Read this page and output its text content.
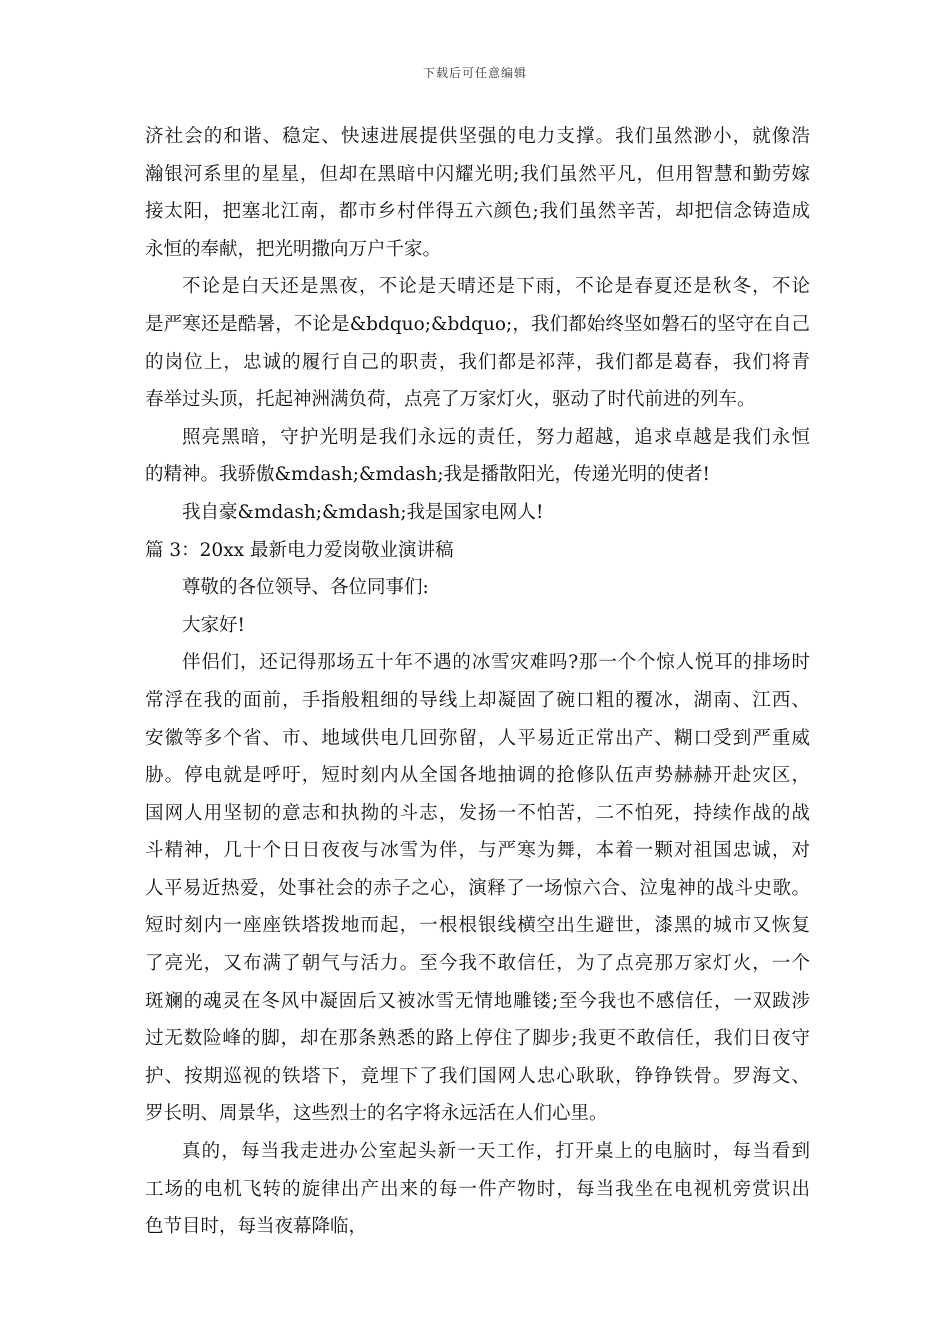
下载后可任意编辑
济社会的和谐、稳定、快速进展提供坚强的电力支撑。我们虽然渺小，就像浩
瀚银河系里的星星，但却在黑暗中闪耀光明;我们虽然平凡，但用智慧和勤劳嫁
接太阳，把塞北江南，都市乡村伴得五六颜色;我们虽然辛苦，却把信念铸造成
永恒的奉献，把光明撒向万户千家。
不论是白天还是黑夜，不论是天晴还是下雨，不论是春夏还是秋冬，不论
是严寒还是酷暑，不论是&bdquo;&bdquo;，我们都始终坚如磐石的坚守在自己
的岗位上，忠诚的履行自己的职责，我们都是祁萍，我们都是葛春，我们将青
春举过头顶，托起神洲满负荷，点亮了万家灯火，驱动了时代前进的列车。
照亮黑暗，守护光明是我们永远的责任，努力超越，追求卓越是我们永恒
的精神。我骄傲&mdash;&mdash;我是播散阳光，传递光明的使者!
我自豪&mdash;&mdash;我是国家电网人!
篇 3：20xx 最新电力爱岗敬业演讲稿
尊敬的各位领导、各位同事们:
大家好!
伴侣们，还记得那场五十年不遇的冰雪灾难吗?那一个个惊人悦耳的排场时
常浮在我的面前，手指般粗细的导线上却凝固了碗口粗的覆冰，湖南、江西、
安徽等多个省、市、地域供电几回弥留，人平易近正常出产、糊口受到严重威
胁。停电就是呼吁，短时刻内从全国各地抽调的抢修队伍声势赫赫开赴灾区，
国网人用坚韧的意志和执拗的斗志，发扬一不怕苦，二不怕死，持续作战的战
斗精神，几十个日日夜夜与冰雪为伴，与严寒为舞，本着一颗对祖国忠诚，对
人平易近热爱，处事社会的赤子之心，演释了一场惊六合、泣鬼神的战斗史歌。
短时刻内一座座铁塔拨地而起，一根根银线横空出生避世，漆黑的城市又恢复
了亮光，又布满了朝气与活力。至今我不敢信任，为了点亮那万家灯火，一个
斑斓的魂灵在冬风中凝固后又被冰雪无情地雕镂;至今我也不感信任，一双跋涉
过无数险峰的脚，却在那条熟悉的路上停住了脚步;我更不敢信任，我们日夜守
护、按期巡视的铁塔下，竟埋下了我们国网人忠心耿耿，铮铮铁骨。罗海文、
罗长明、周景华，这些烈士的名字将永远活在人们心里。
真的，每当我走进办公室起头新一天工作，打开桌上的电脑时，每当看到
工场的电机飞转的旋律出产出来的每一件产物时，每当我坐在电视机旁赏识出
色节目时，每当夜幕降临，
